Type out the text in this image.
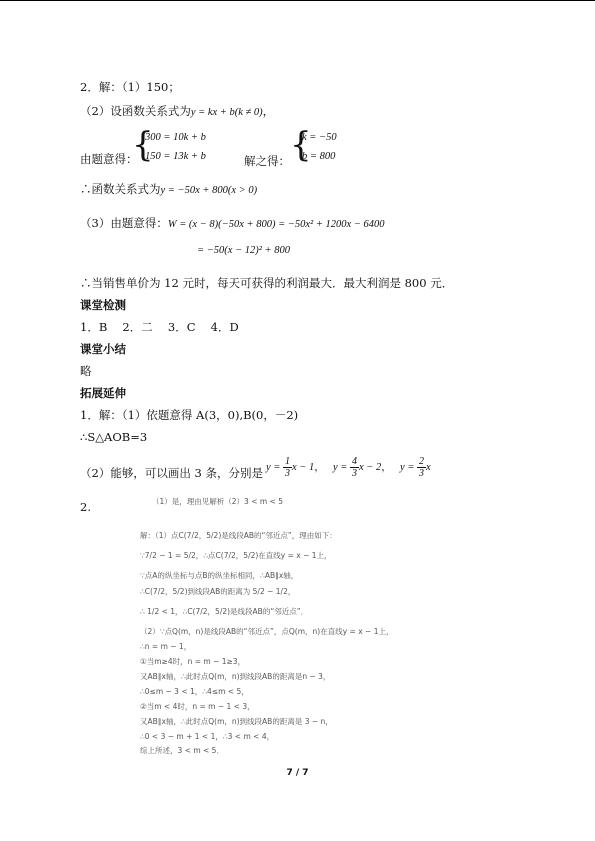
2．解：（1）150；
（2）设函数关系式为y = kx + b(k ≠ 0)，
由题意得：
{
300 = 10k + b
150 = 13k + b	解之得： {
k = −50
b = 800
∴函数关系式为y = −50x + 800(x > 0)
（3）由题意得：W = (x − 8)(−50x + 800) = −50x² + 1200x − 6400
= −50(x − 12)² + 800
∴当销售单价为 12 元时，每天可获得的利润最大．最大利润是 800 元．
课堂检测
1．B　 2．二　 3．C　 4．D
课堂小结
略
拓展延伸
1．解：（1）依题意得 A(3，0),B(0，－2)
∴S△AOB=3
（2）能够，可以画出 3 条，分别是 $y = \frac{1}{3}$ x − 1， $y = \frac{4}{3}$ x − 2， $y = \frac{2}{3}$ x
2.	（1）是，理由见解析（2）3 < m < 5
解：（1）点C(7/2，5/2)是线段AB的“邻近点”，理由如下：
∵7/2 − 1 = 5/2，∴点C(7/2，5/2)在直线y = x − 1上，
∵点A的纵坐标与点B的纵坐标相同，∴AB∥x轴，
∴C(7/2，5/2)到线段AB的距离为 5/2 − 1/2，
∴ 1/2 < 1，∴C(7/2，5/2)是线段AB的“邻近点”．
（2）∵点Q(m，n)是线段AB的“邻近点”，点Q(m，n)在直线y = x − 1上，
∴n = m − 1，
①当m≥4时，n = m − 1≥3，
又AB∥x轴，∴此时点Q(m，n)到线段AB的距离是n − 3，
∴0≤m − 3 < 1，∴4≤m < 5，
②当m < 4时，n = m − 1 < 3，
又AB∥x轴，∴此时点Q(m，n)到线段AB的距离是 3 − n，
∴0 < 3 − m + 1 < 1，∴3 < m < 4，
综上所述，3 < m < 5．
7 / 7
